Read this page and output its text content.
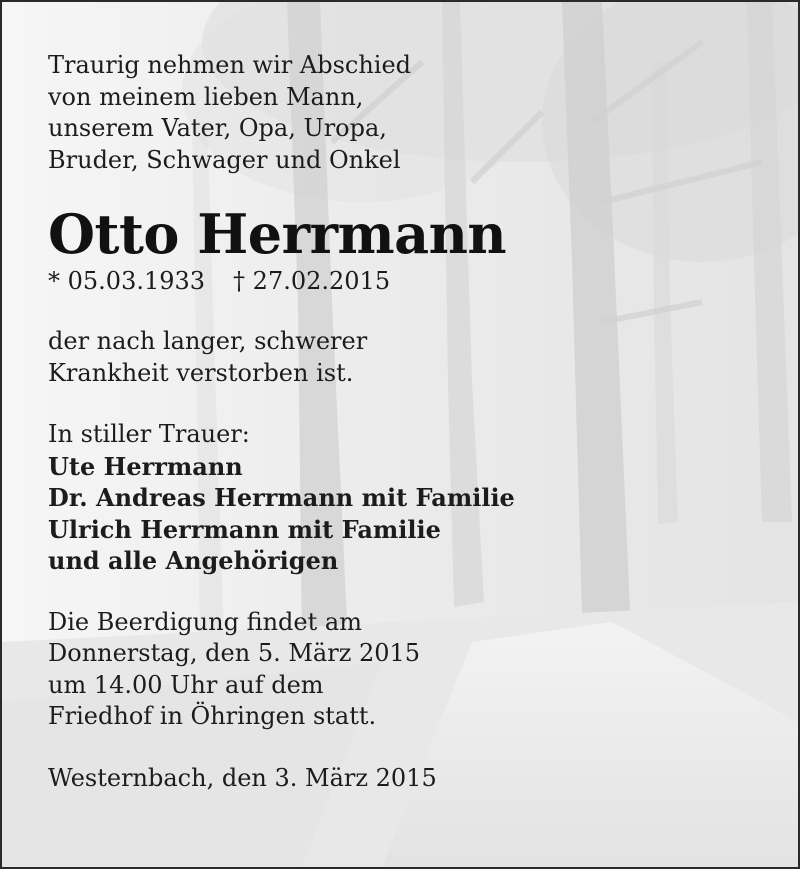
Traurig nehmen wir Abschied

von meinem lieben Mann,

unserem Vater, Opa, Uropa,

Bruder, Schwager und Onkel

Otto Herrmann
* 05.03.1933 † 27.02.2015

der nach langer, schwerer

Krankheit verstorben ist.

In stiller Trauer:

Ute Herrmann

Dr. Andreas Herrmann mit Familie

Ulrich Herrmann mit Familie

und alle Angehörigen

Die Beerdigung findet am

Donnerstag, den 5. März 2015

um 14.00 Uhr auf dem

Friedhof in Öhringen statt.

Westernbach, den 3. März 2015
